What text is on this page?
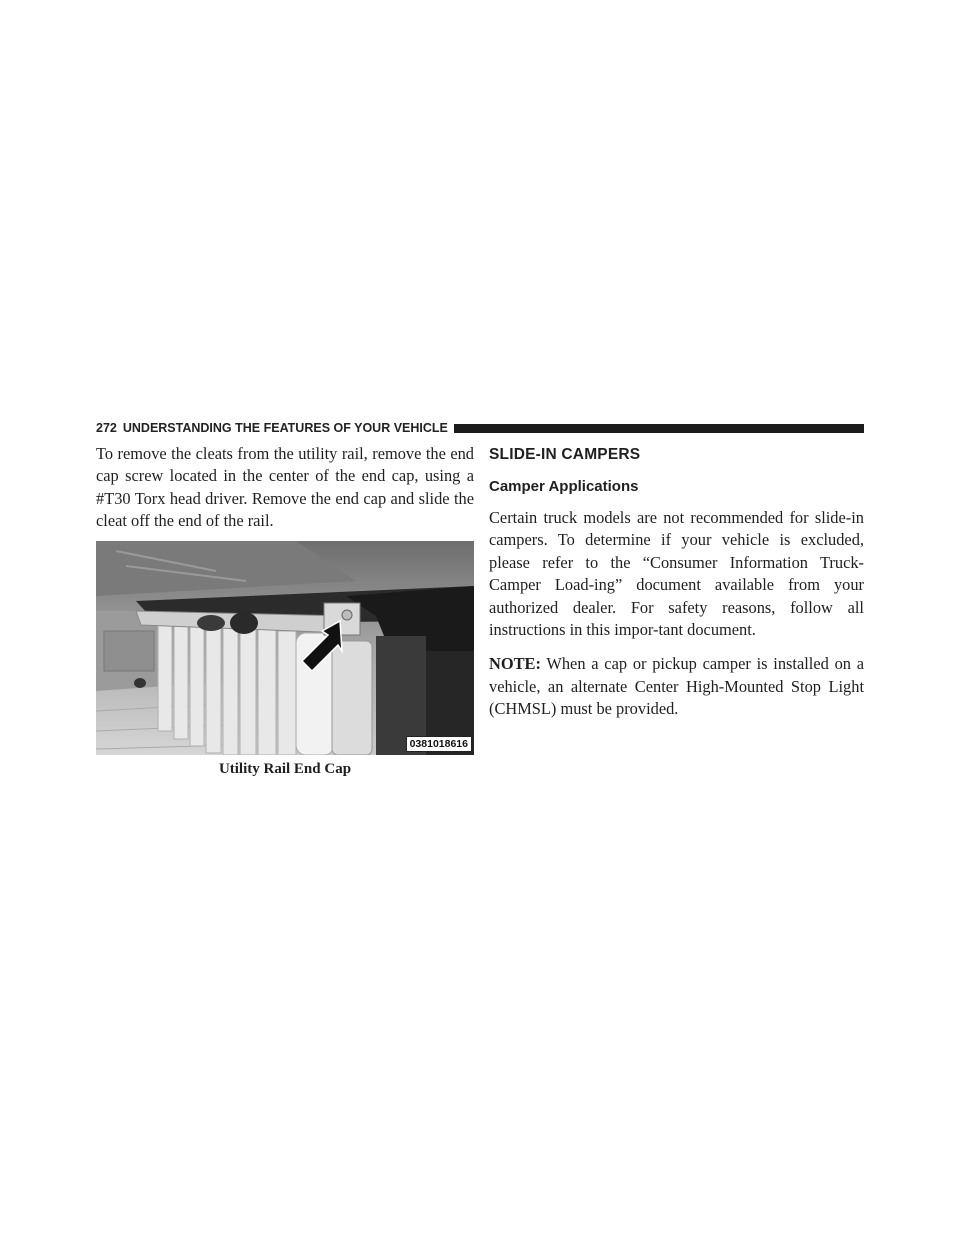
272 UNDERSTANDING THE FEATURES OF YOUR VEHICLE

To remove the cleats from the utility rail, remove the end cap screw located in the center of the end cap, using a #T30 Torx head driver. Remove the end cap and slide the cleat off the end of the rail.

0381018616
Utility Rail End Cap
SLIDE-IN CAMPERS
Camper Applications

Certain truck models are not recommended for slide-in campers. To determine if your vehicle is excluded, please refer to the “Consumer Information Truck-Camper Load-ing” document available from your authorized dealer. For safety reasons, follow all instructions in this impor-tant document.

NOTE: When a cap or pickup camper is installed on a vehicle, an alternate Center High-Mounted Stop Light (CHMSL) must be provided.
